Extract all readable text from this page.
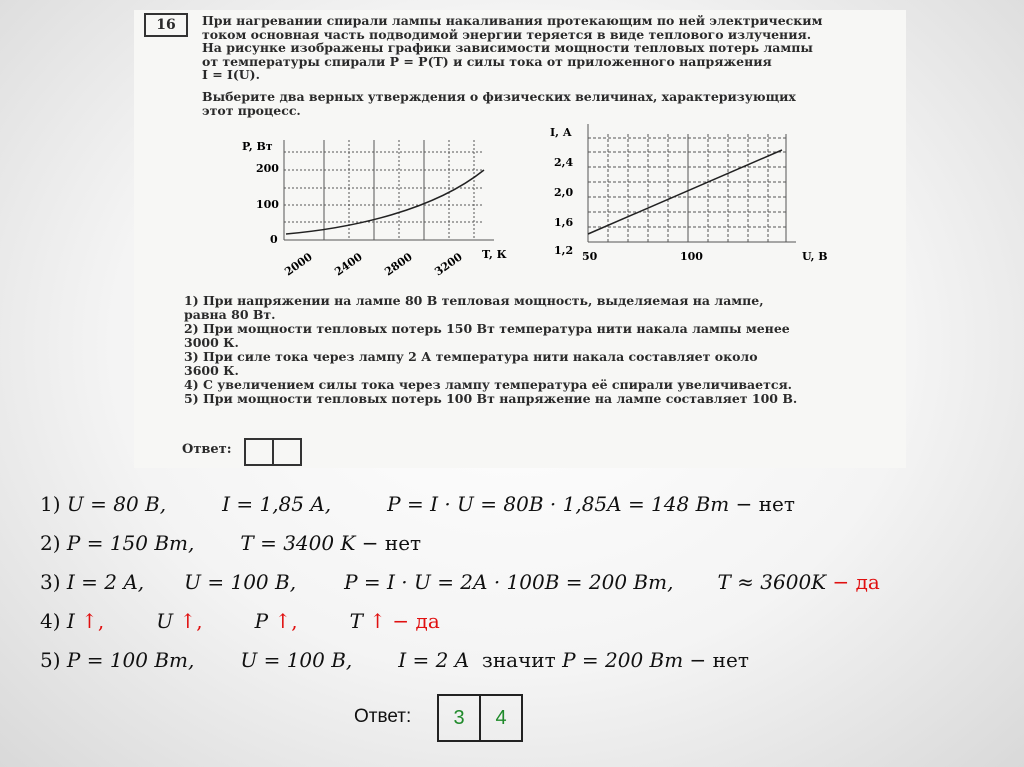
16	При нагревании спирали лампы накаливания протекающим по ней электрическим
током основная часть подводимой энергии теряется в виде теплового излучения.
На рисунке изображены графики зависимости мощности тепловых потерь лампы
от температуры спирали P = P(T) и силы тока от приложенного напряжения
I = I(U).
Выберите два верных утверждения о физических величинах, характеризующих
этот процесс.
P, Вт
200
100
0
T, К
2000 2400 2800 3200
I, А
2,4
2,0
1,6
1,2 50	100	U, В
1) При напряжении на лампе 80 В тепловая мощность, выделяемая на лампе,
равна 80 Вт.
2) При мощности тепловых потерь 150 Вт температура нити накала лампы менее
3000 К.
3) При силе тока через лампу 2 А температура нити накала составляет около
3600 К.
4) С увеличением силы тока через лампу температура её спирали увеличивается.
5) При мощности тепловых потерь 100 Вт напряжение на лампе составляет 100 В.
Ответ:
1) U = 80 B,	I = 1,85 A,	P = I · U = 80B · 1,85A = 148 Вт − нет
2) P = 150 Вт, T = 3400 K − нет
3) I = 2 A, U = 100 B, P = I · U = 2A · 100B = 200 Вт, T ≈ 3600K − да
4) I ↑,	U ↑,	P ↑,	T ↑ − да
5) P = 100 Вт, U = 100 B, I = 2 A  значит P = 200 Вт − нет
Ответ: 3	4
